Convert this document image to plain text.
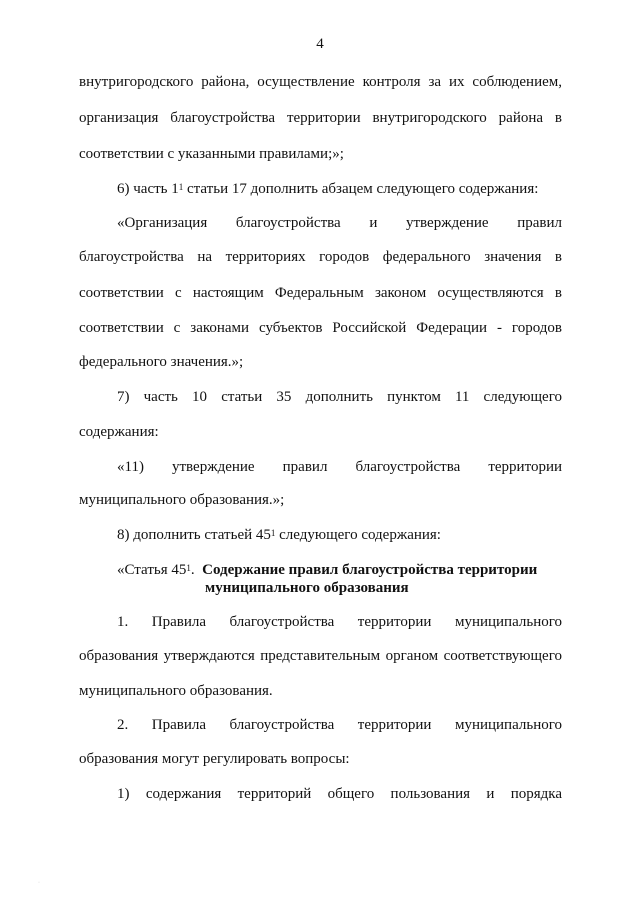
4
внутригородского района, осуществление контроля за их соблюдением,
организация благоустройства территории внутригородского района в
соответствии с указанными правилами;»;
6) часть $1^1$ статьи 17 дополнить абзацем следующего содержания:
«Организация благоустройства и утверждение правил
благоустройства на территориях городов федерального значения в
соответствии с настоящим Федеральным законом осуществляются в
соответствии с законами субъектов Российской Федерации - городов
федерального значения.»;
7) часть 10 статьи 35 дополнить пунктом 11 следующего
содержания:
«11) утверждение правил благоустройства территории
муниципального образования.»;
8) дополнить статьей $45^1$ следующего содержания:
«Статья $45^1$. Содержание правил благоустройства территории
муниципального образования
1. Правила благоустройства территории муниципального
образования утверждаются представительным органом соответствующего
муниципального образования.
2. Правила благоустройства территории муниципального
образования могут регулировать вопросы:
1) содержания территорий общего пользования и порядка
·
